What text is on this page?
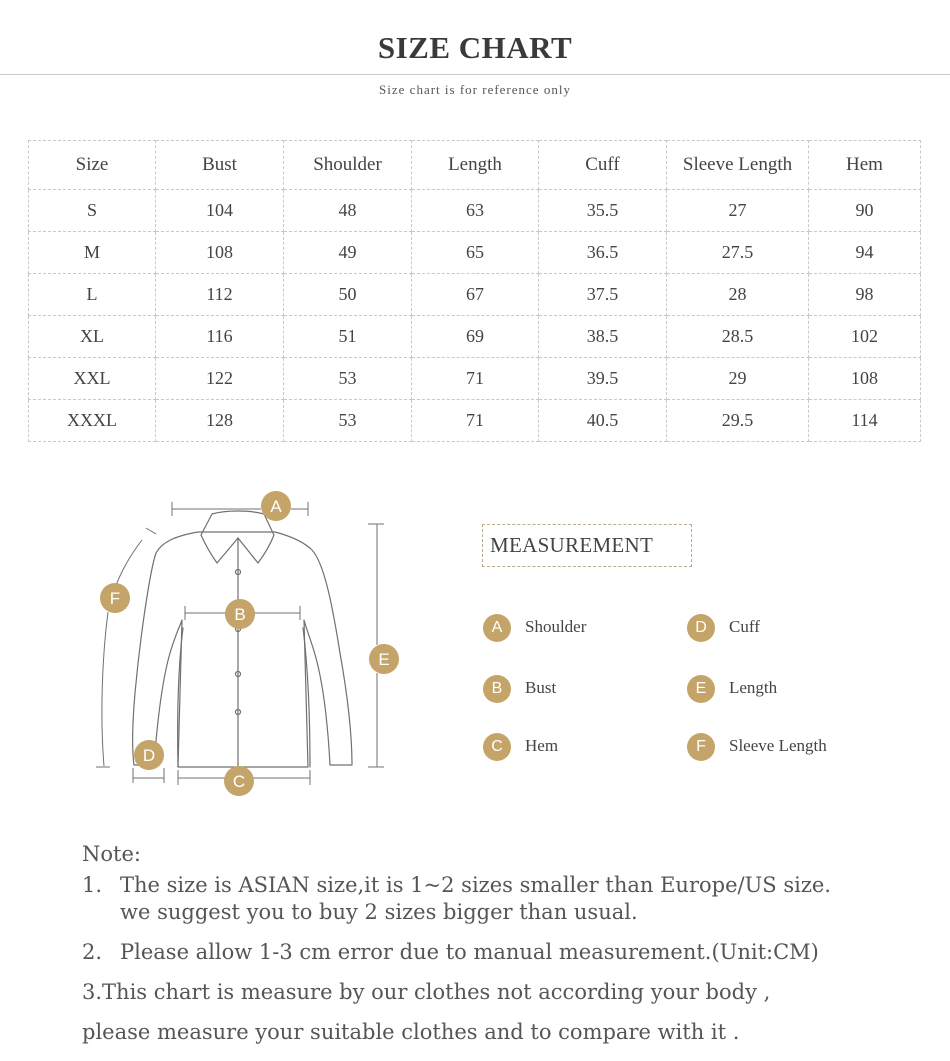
SIZE CHART
Size chart is for reference only
Size	Bust	Shoulder	Length	Cuff	Sleeve Length	Hem
S	104	48	63	35.5	27	90
M	108	49	65	36.5	27.5	94
L	112	50	67	37.5	28	98
XL	116	51	69	38.5	28.5	102
XXL	122	53	71	39.5	29	108
XXXL	128	53	71	40.5	29.5	114
A
B
C
D
E
F
MEASUREMENT
A	Shoulder	D	Cuff
B	Bust	E	Length
C	Hem	F	Sleeve Length
Note:
1. The size is ASIAN size,it is 1~2 sizes smaller than Europe/US size.
we suggest you to buy 2 sizes bigger than usual.
2. Please allow 1-3 cm error due to manual measurement.(Unit:CM)
3.This chart is measure by our clothes not according your body ,
please measure your suitable clothes and to compare with it .
